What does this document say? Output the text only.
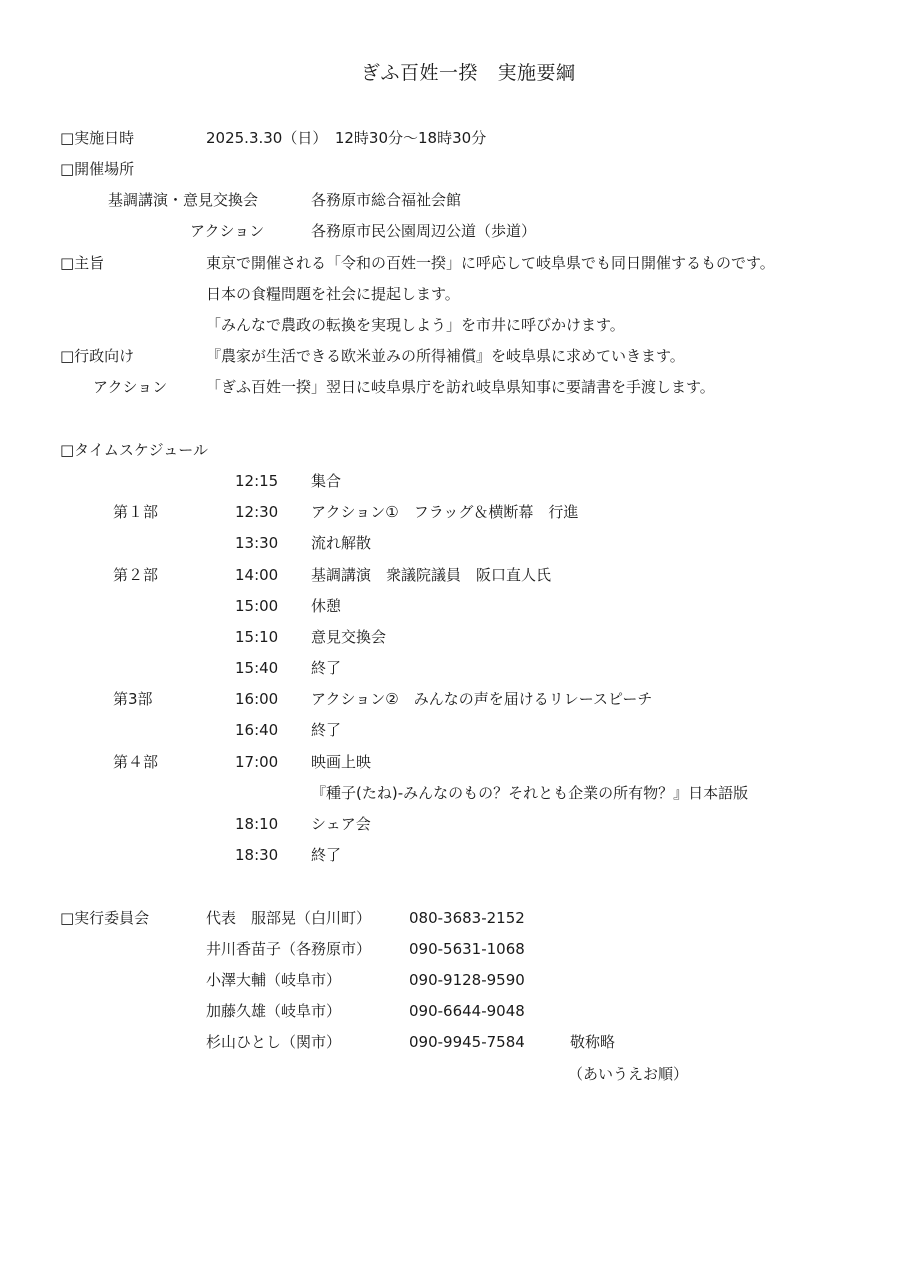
ぎふ百姓一揆　実施要綱
□実施日時	2025.3.30（日）　12時30分～18時30分
□開催場所
基調講演・意見交換会	各務原市総合福祉会館
アクション	各務原市民公園周辺公道（歩道）
□主旨	東京で開催される「令和の百姓一揆」に呼応して岐阜県でも同日開催するものです。
日本の食糧問題を社会に提起します。
「みんなで農政の転換を実現しよう」を市井に呼びかけます。
□行政向け	『農家が生活できる欧米並みの所得補償』を岐阜県に求めていきます。
アクション	「ぎふ百姓一揆」翌日に岐阜県庁を訪れ岐阜県知事に要請書を手渡します。
□タイムスケジュール
12:15 集合
第１部	12:30 アクション①　フラッグ＆横断幕　行進
13:30 流れ解散
第２部	14:00 基調講演　衆議院議員　阪口直人氏
15:00 休憩
15:10 意見交換会
15:40 終了
第3部	16:00 アクション②　みんなの声を届けるリレースピーチ
16:40 終了
第４部	17:00 映画上映
『種子(たね)-みんなのもの？それとも企業の所有物？』日本語版
18:10 シェア会
18:30 終了
□実行委員会	代表　服部晃（白川町）	080-3683-2152
井川香苗子（各務原市）	090-5631-1068
小澤大輔（岐阜市）	090-9128-9590
加藤久雄（岐阜市）	090-6644-9048
杉山ひとし（関市）	090-9945-7584	敬称略
（あいうえお順）
